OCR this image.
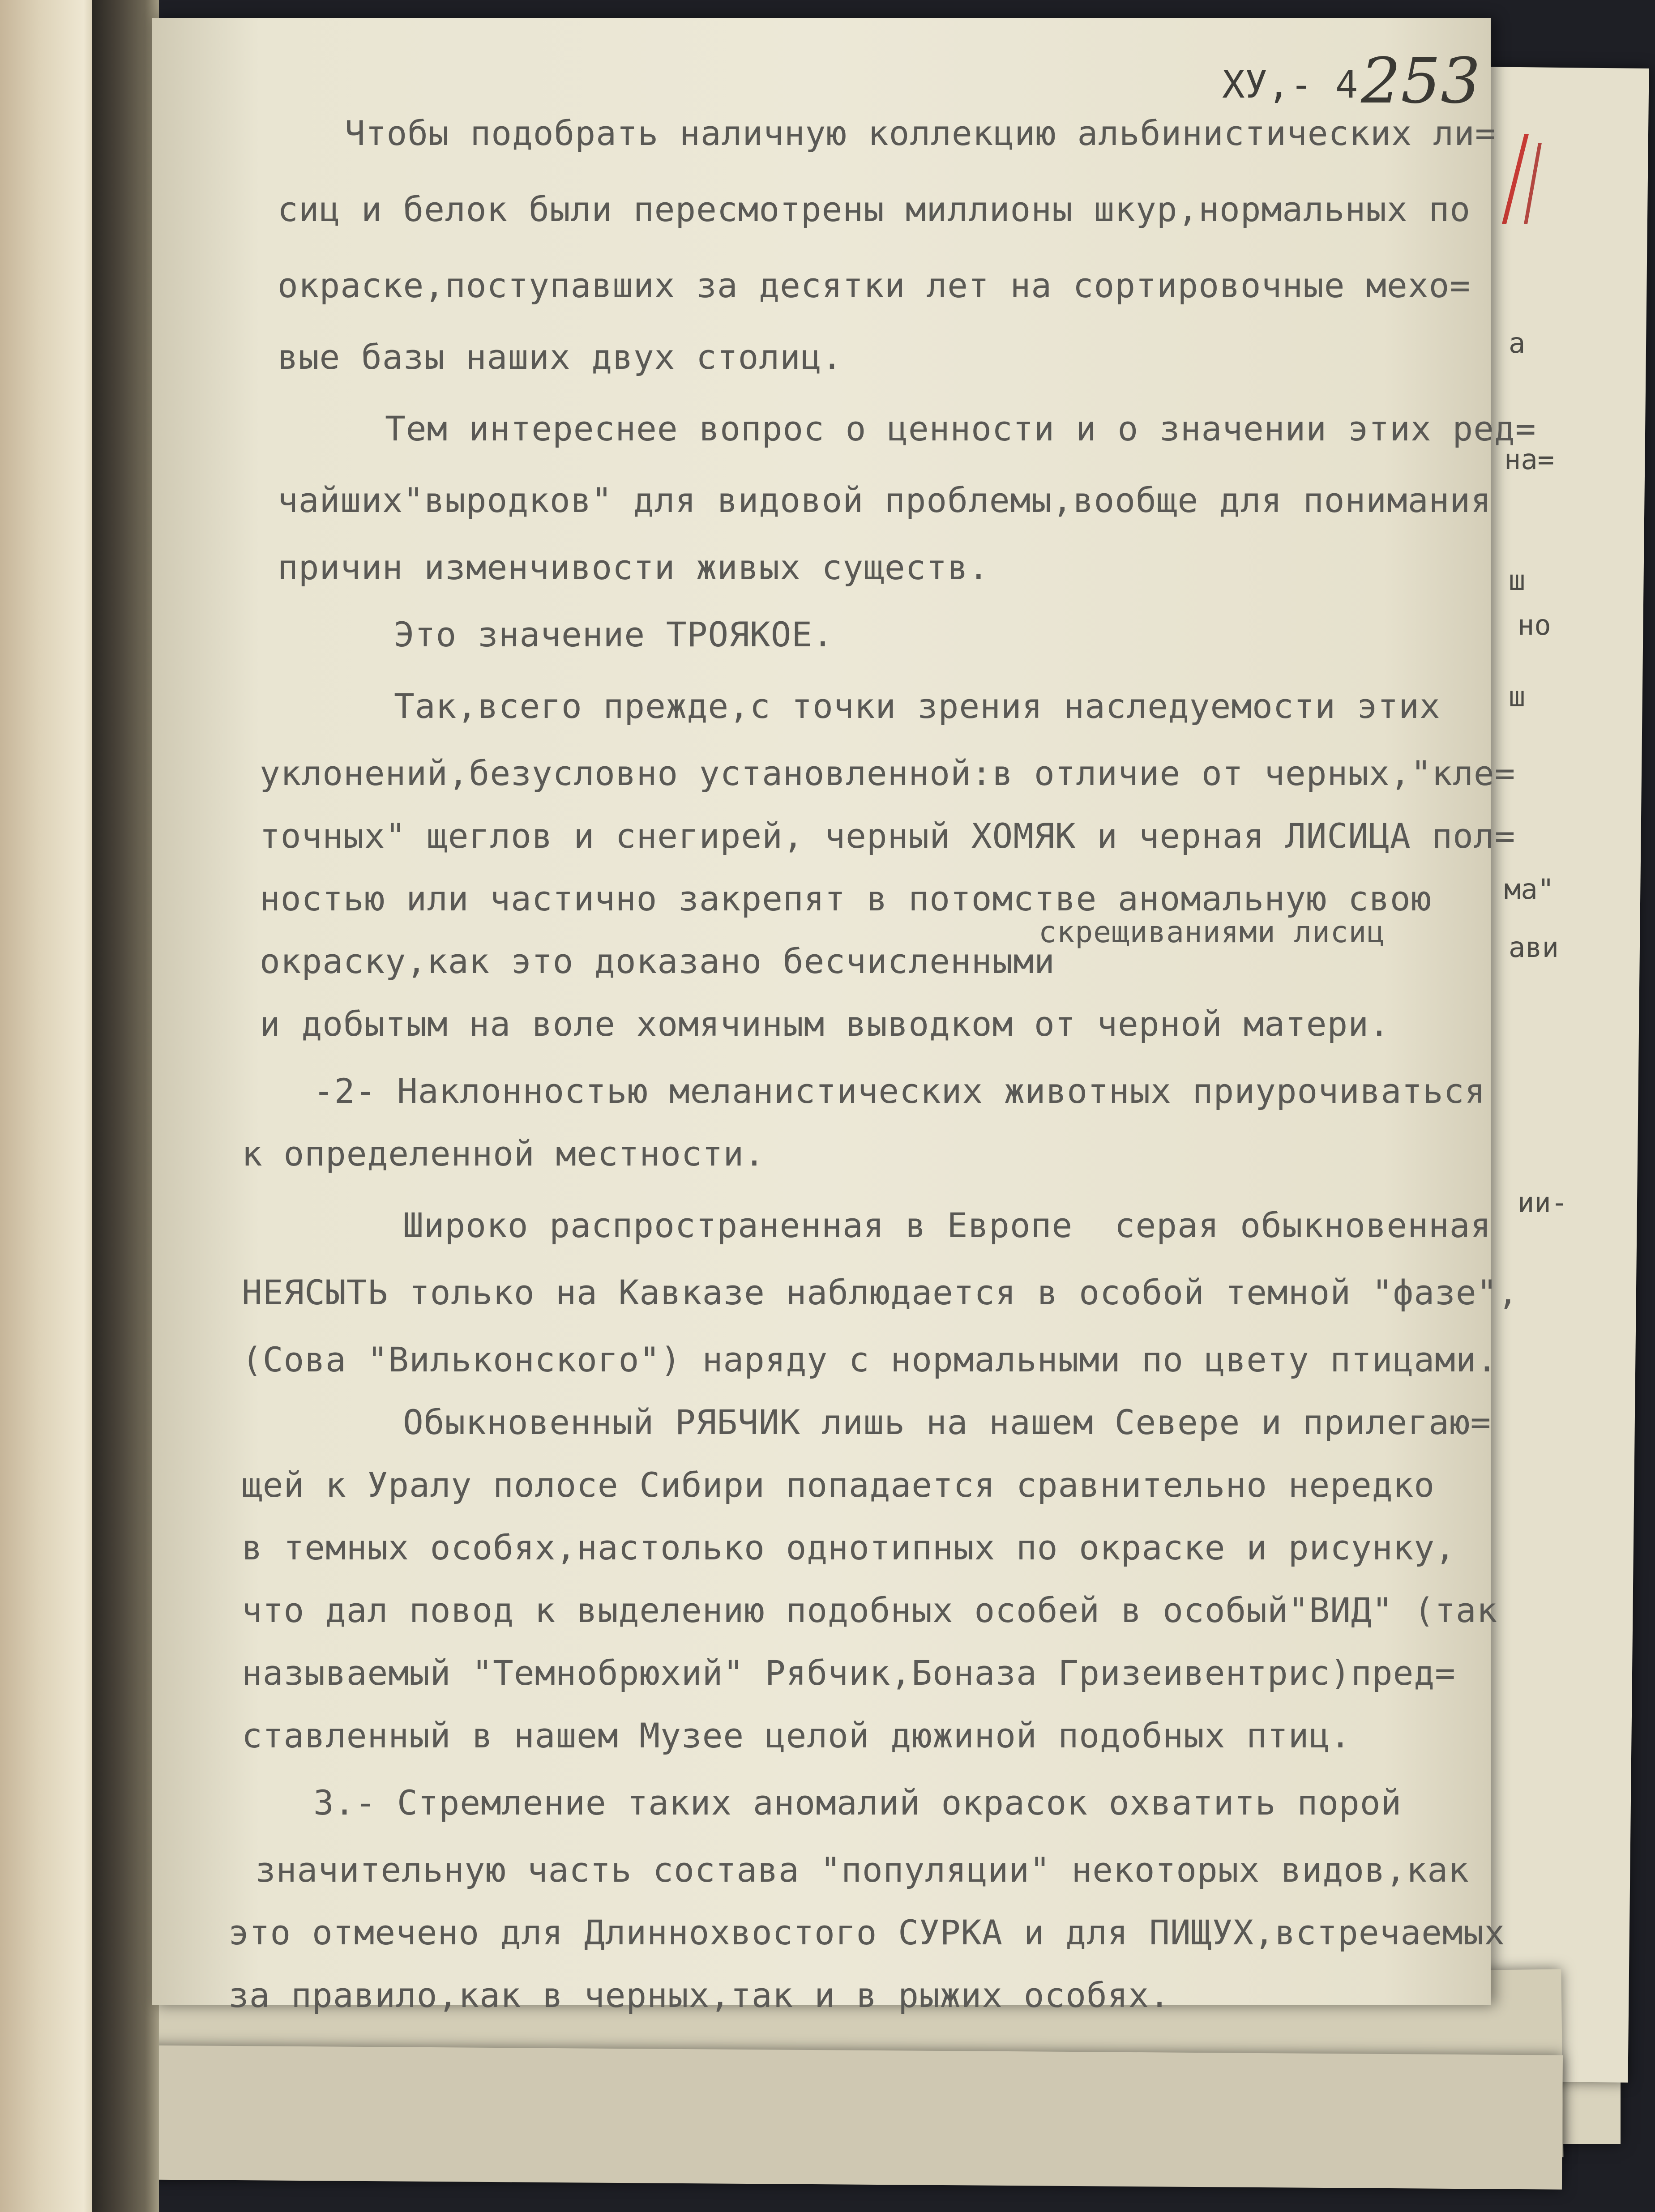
а
на=
ш
но
ш
ма"
ави
ии-
ХУ,- 4 253
Чтобы подобрать наличную коллекцию альбинистических ли=
сиц и белок были пересмотрены миллионы шкур,нормальных по
окраске,поступавших за десятки лет на сортировочные мехо=
вые базы наших двух столиц.
Тем интереснее вопрос о ценности и о значении этих ред=
чайших"выродков" для видовой проблемы,вообще для понимания
причин изменчивости живых существ.
Это значение ТРОЯКОЕ.
Так,всего прежде,с точки зрения наследуемости этих
уклонений,безусловно установленной:в отличие от черных,"кле=
точных" щеглов и снегирей, черный ХОМЯК и черная ЛИСИЦА пол=
ностью или частично закрепят в потомстве аномальную свою
скрещиваниями лисиц
окраску,как это доказано бесчисленными
и добытым на воле хомячиным выводком от черной матери.
-2- Наклонностью меланистических животных приурочиваться
к определенной местности.
Широко распространенная в Европе  серая обыкновенная
НЕЯСЫТЬ только на Кавказе наблюдается в особой темной "фазе",
(Сова "Вильконского") наряду с нормальными по цвету птицами.
Обыкновенный РЯБЧИК лишь на нашем Севере и прилегаю=
щей к Уралу полосе Сибири попадается сравнительно нередко
в темных особях,настолько однотипных по окраске и рисунку,
что дал повод к выделению подобных особей в особый"ВИД" (так
называемый "Темнобрюхий" Рябчик,Боназа Гризеивентрис)пред=
ставленный в нашем Музее целой дюжиной подобных птиц.
3.- Стремление таких аномалий окрасок охватить порой
значительную часть состава "популяции" некоторых видов,как
это отмечено для Длиннохвостого СУРКА и для ПИЩУХ,встречаемых
за правило,как в черных,так и в рыжих особях.
